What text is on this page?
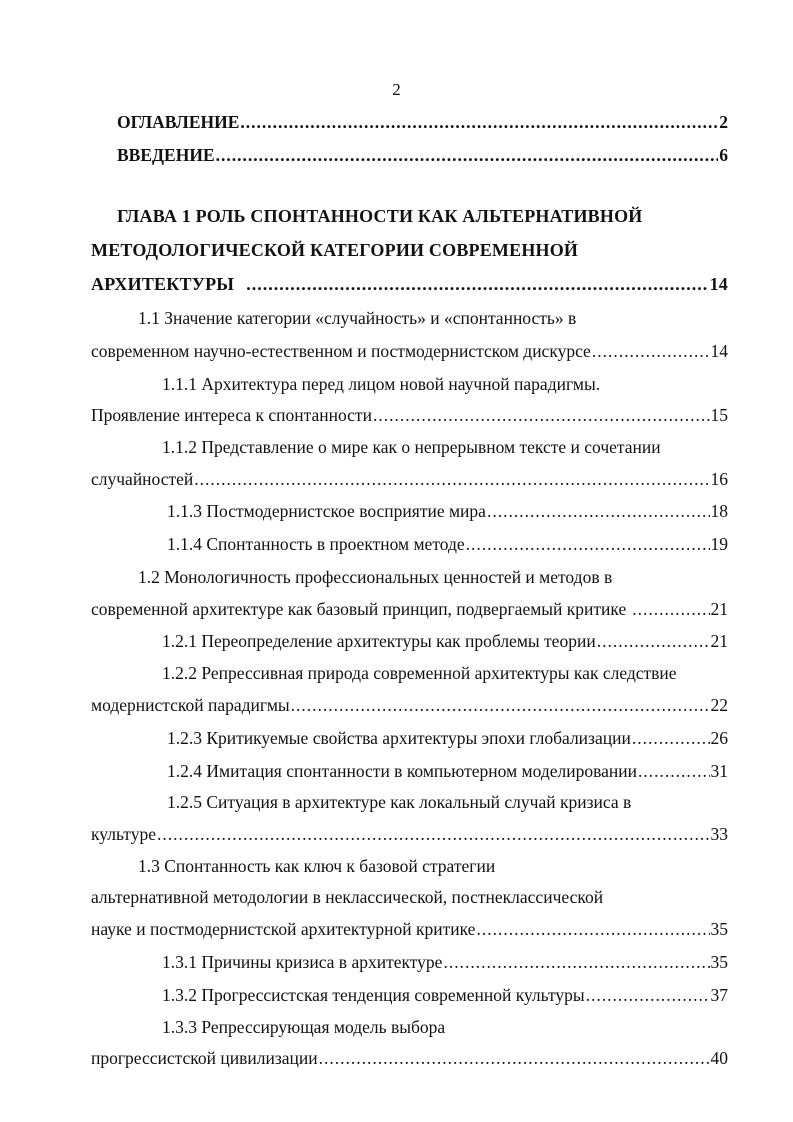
2
ОГЛАВЛЕНИЕ .....	2
ВВЕДЕНИЕ .....	6
ГЛАВА 1 РОЛЬ СПОНТАННОСТИ КАК АЛЬТЕРНАТИВНОЙ
МЕТОДОЛОГИЧЕСКОЙ КАТЕГОРИИ СОВРЕМЕННОЙ
АРХИТЕКТУРЫ .....	14
1.1 Значение категории «случайность» и «спонтанность» в
современном научно-естественном и постмодернистском дискурсе .....	14
1.1.1 Архитектура перед лицом новой научной парадигмы.
Проявление интереса к спонтанности .....	15
1.1.2 Представление о мире как о непрерывном тексте и сочетании
случайностей .....	16
1.1.3 Постмодернистское восприятие мира .....	18
1.1.4 Спонтанность в проектном методе .....	19
1.2 Монологичность профессиональных ценностей и методов в
современной архитектуре как базовый принцип, подвергаемый критике .....	21
1.2.1 Переопределение архитектуры как проблемы теории .....	21
1.2.2 Репрессивная природа современной архитектуры как следствие
модернистской парадигмы .....	22
1.2.3 Критикуемые свойства архитектуры эпохи глобализации .....	26
1.2.4 Имитация спонтанности в компьютерном моделировании .....	31
1.2.5 Ситуация в архитектуре как локальный случай кризиса в
культуре .....	33
1.3 Спонтанность как ключ к базовой стратегии
альтернативной методологии в неклассической, постнеклассической
науке и постмодернистской архитектурной критике .....	35
1.3.1 Причины кризиса в архитектуре .....	35
1.3.2 Прогрессистская тенденция современной культуры .....	37
1.3.3 Репрессирующая модель выбора
прогрессистской цивилизации .....	40
